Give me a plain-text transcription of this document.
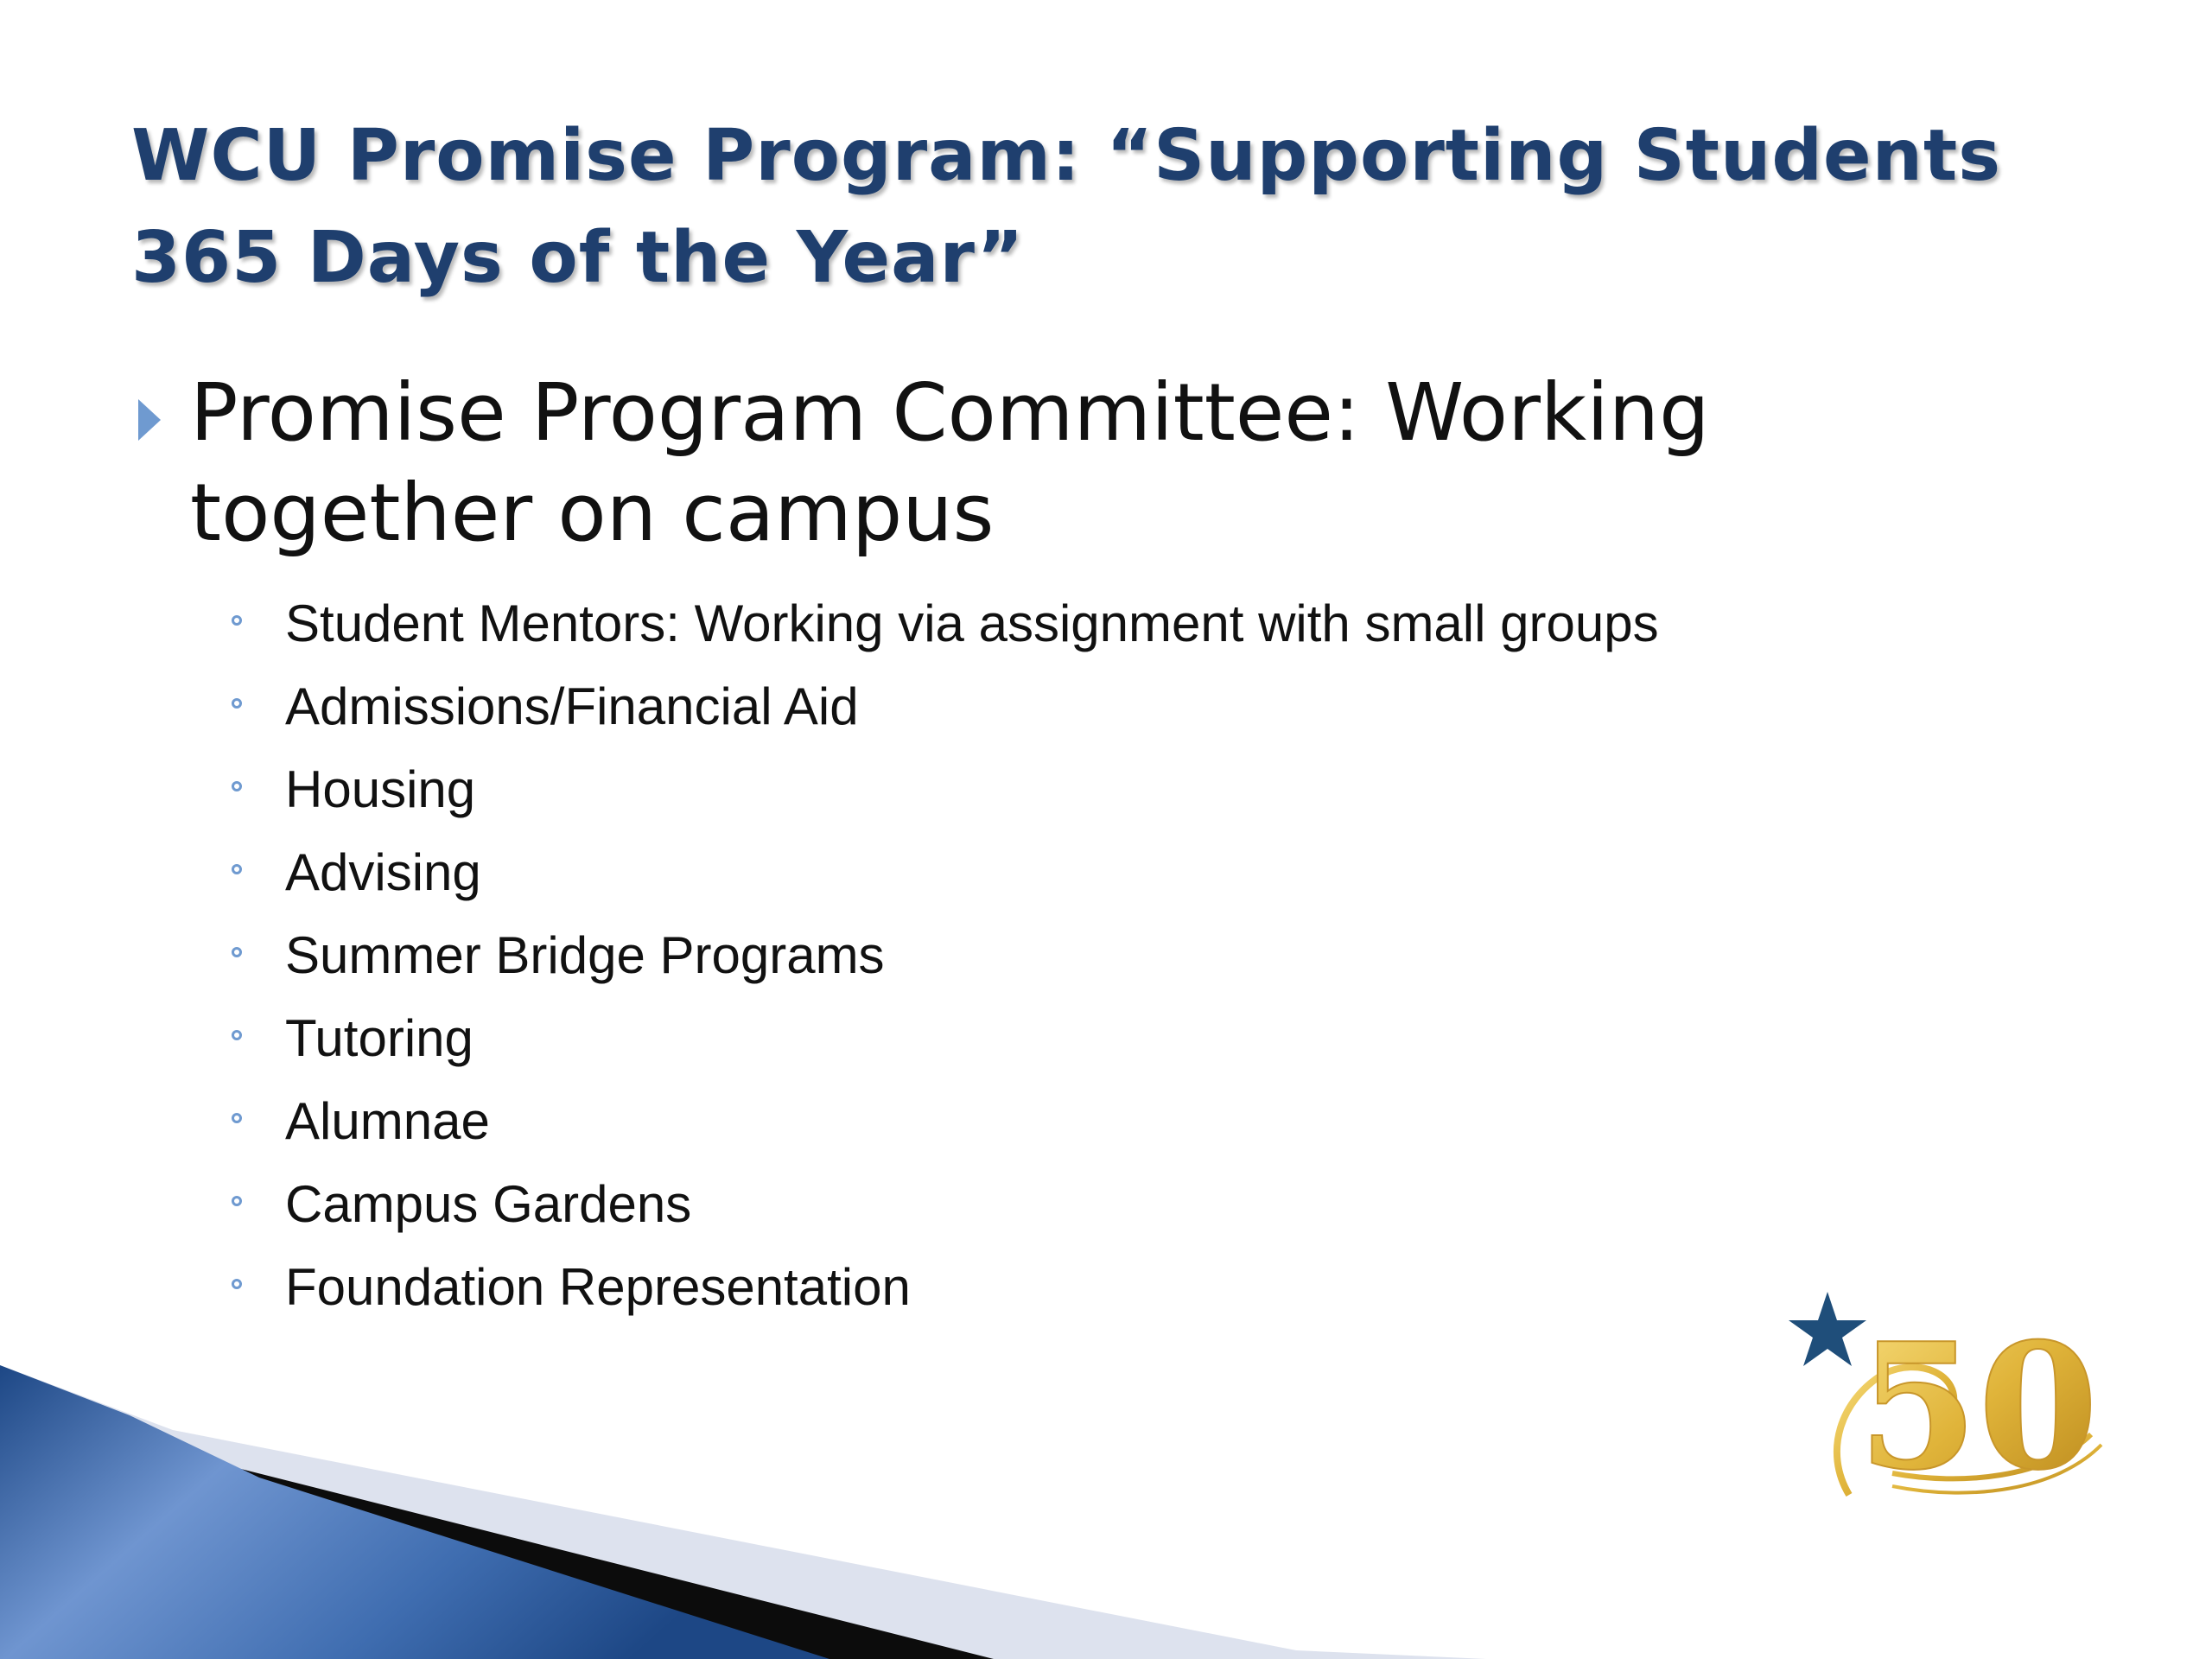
WCU Promise Program: “Supporting Students 365 Days of the Year”
Promise Program Committee: Working together on campus
Student Mentors: Working via assignment with small groups
Admissions/Financial Aid
Housing
Advising
Summer Bridge Programs
Tutoring
Alumnae
Campus Gardens
Foundation Representation
50
